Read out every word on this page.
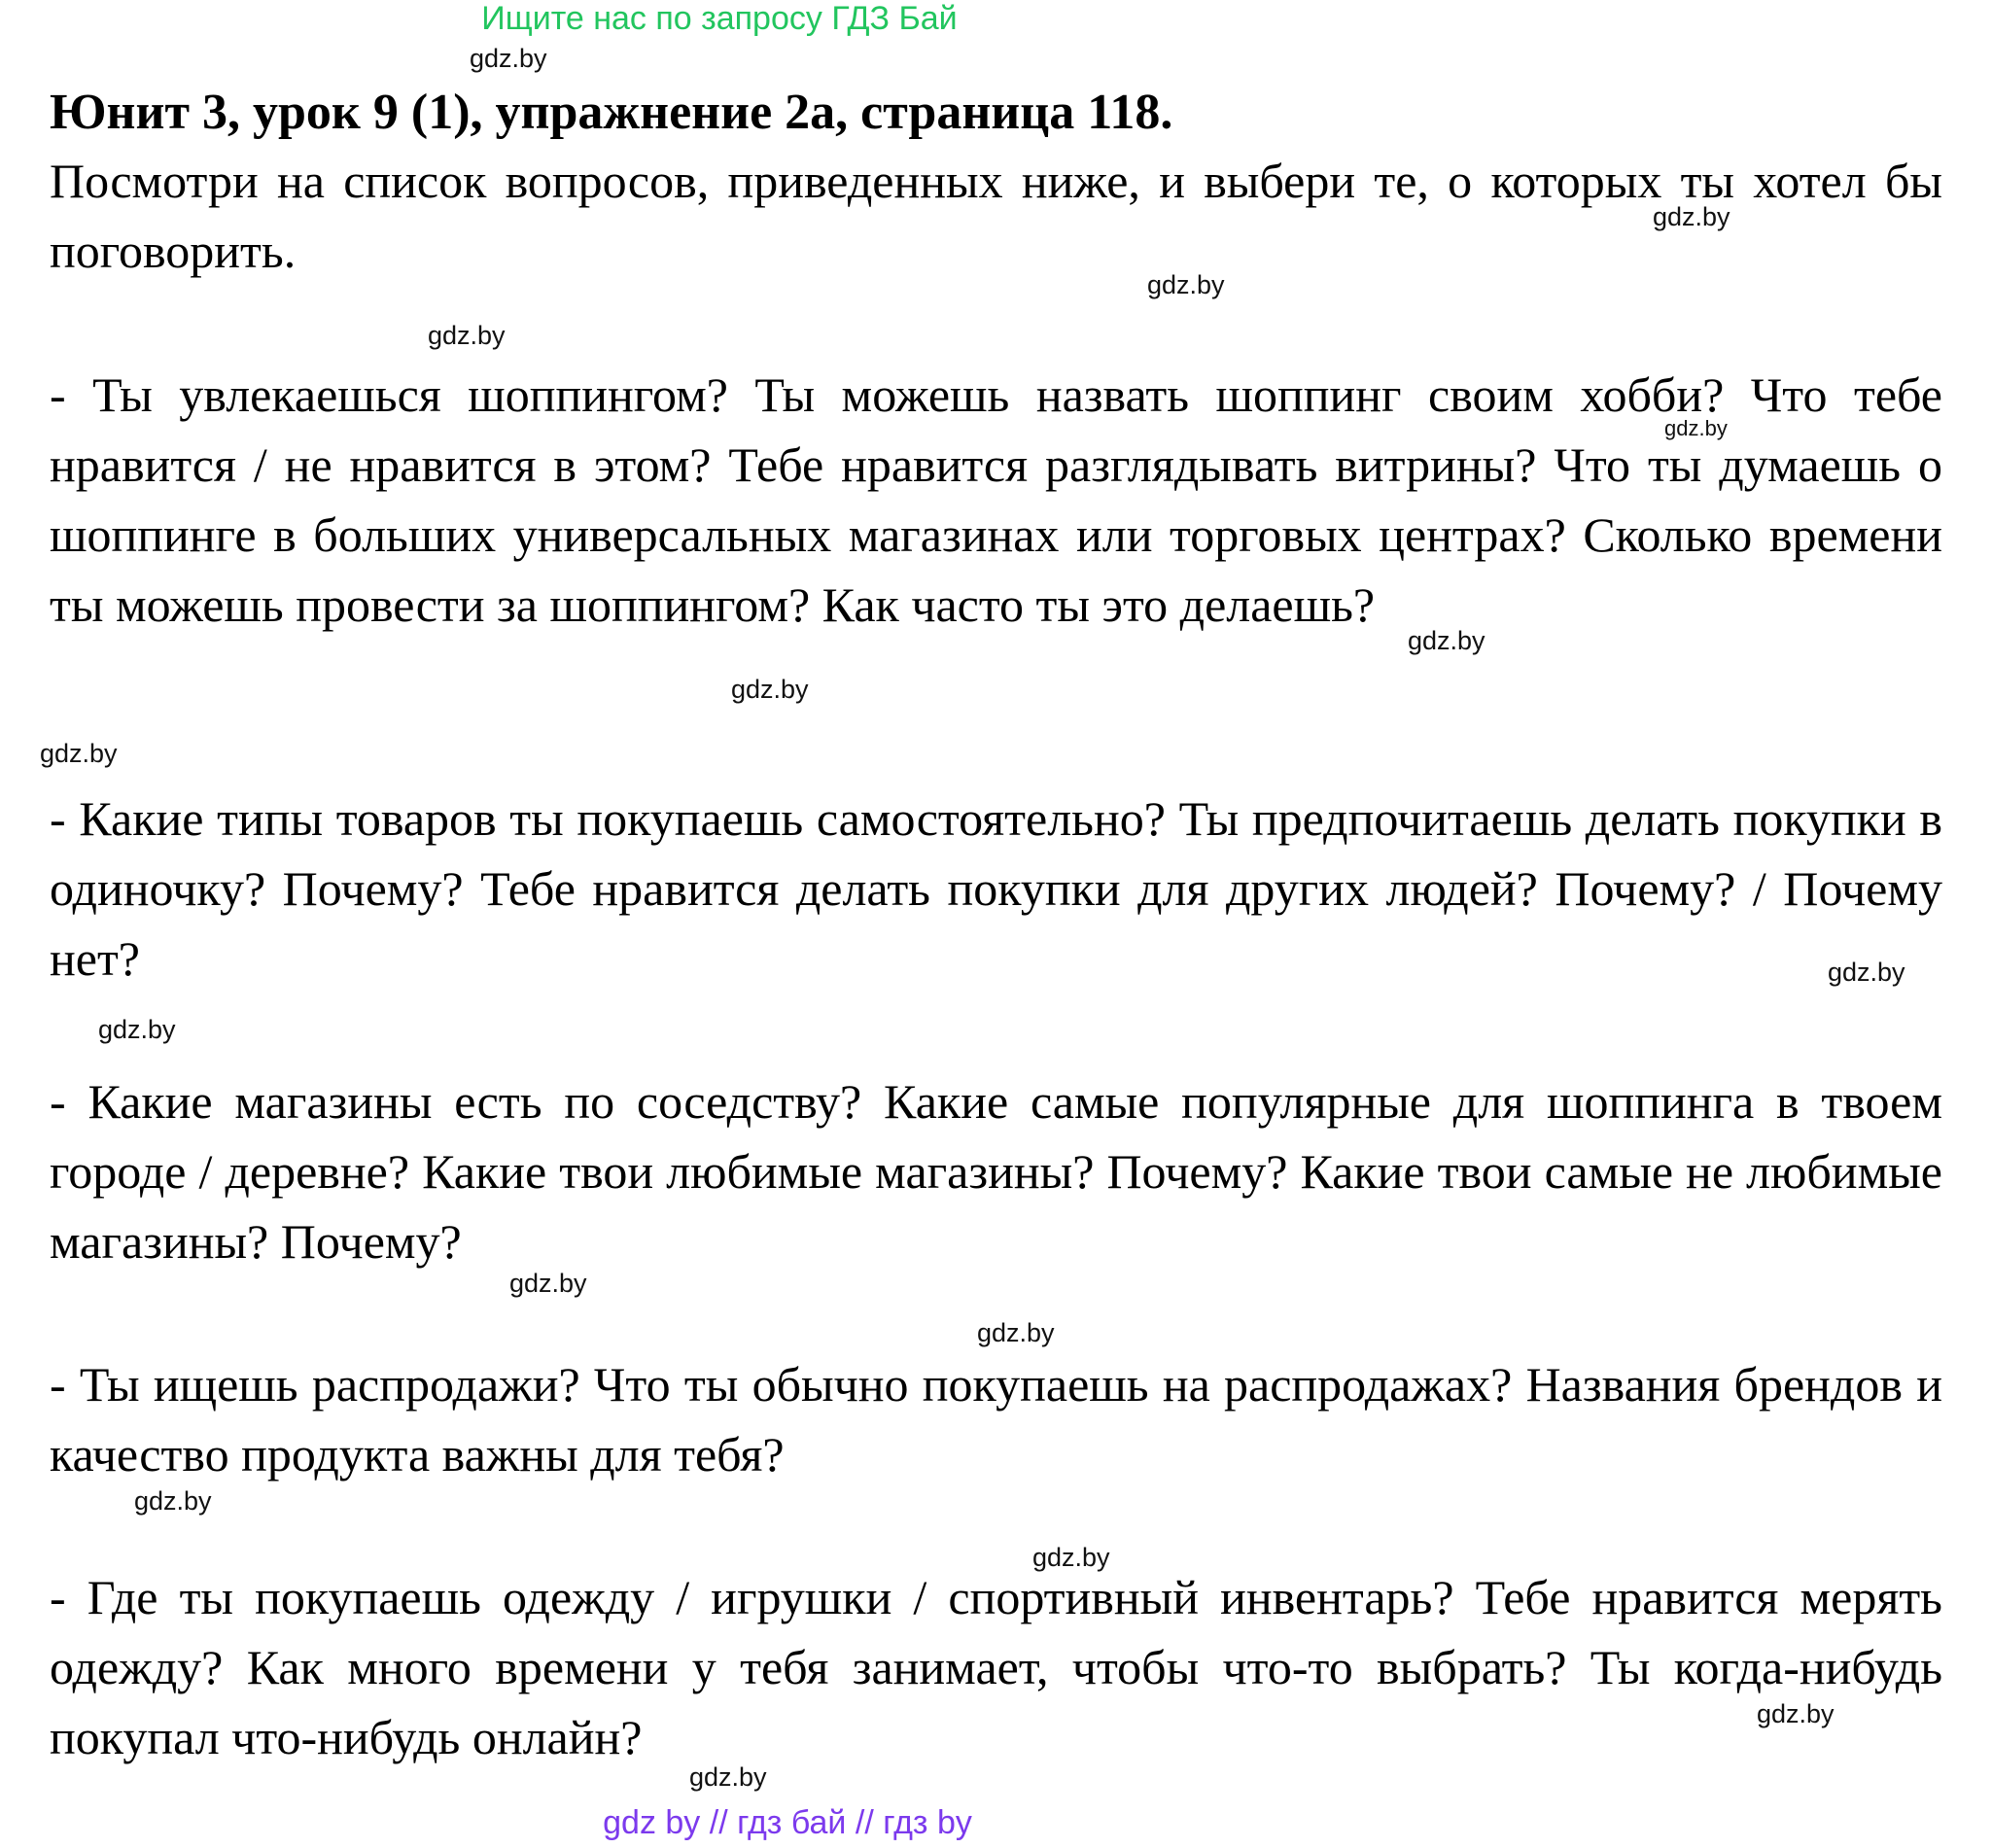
Ищите нас по запросу ГДЗ Бай
Юнит 3, урок 9 (1), упражнение 2а, страница 118.

Посмотри на список вопросов, приведенных ниже, и выбери те, о которых ты хотел бы поговорить.

- Ты увлекаешься шоппингом? Ты можешь назвать шоппинг своим хобби? Что тебе нравится / не нравится в этом? Тебе нравится разглядывать витрины? Что ты думаешь о шоппинге в больших универсальных магазинах или торговых центрах? Сколько времени ты можешь провести за шоппингом? Как часто ты это делаешь?

- Какие типы товаров ты покупаешь самостоятельно? Ты предпочитаешь делать покупки в одиночку? Почему? Тебе нравится делать покупки для других людей? Почему? / Почему нет?

- Какие магазины есть по соседству? Какие самые популярные для шоппинга в твоем городе / деревне? Какие твои любимые магазины? Почему? Какие твои самые не любимые магазины? Почему?

- Ты ищешь распродажи? Что ты обычно покупаешь на распродажах? Названия брендов и качество продукта важны для тебя?

- Где ты покупаешь одежду / игрушки / спортивный инвентарь? Тебе нравится мерять одежду? Как много времени у тебя занимает, чтобы что-то выбрать? Ты когда-нибудь покупал что-нибудь онлайн?

gdz.by
gdz.by
gdz.by
gdz.by
gdz.by
gdz.by
gdz.by
gdz.by
gdz.by
gdz.by
gdz.by
gdz.by
gdz.by
gdz.by
gdz.by
gdz.by
gdz by // гдз бай // гдз by
